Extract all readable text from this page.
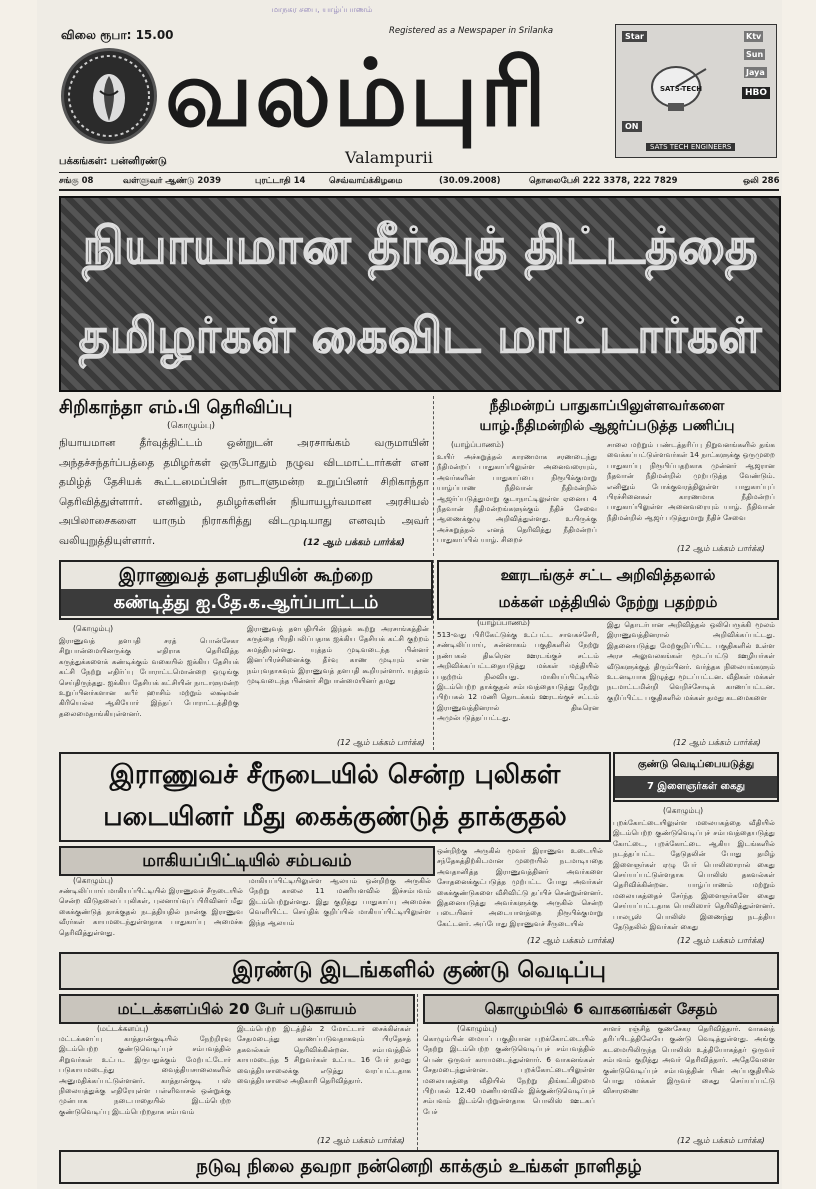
மாநகர சபை, யாழ்ப்பாணம்
விலை ரூபா: 15.00	Registered as a Newspaper in Srilanka
வலம்புரி
Valampurii
பக்கங்கள்: பன்னிரண்டு
Ktv
Sun
Jaya
HBO
ON
Star
SATS-TECH
SATS TECH ENGINEERS
சங்கு 08	வள்ளுவர் ஆண்டு 2039	புரட்டாதி 14	செவ்வாய்க்கிழமை	(30.09.2008)	தொலைபேசி 222 3378, 222 7829	ஒலி 286
நியாயமான தீர்வுத் திட்டத்தை
தமிழர்கள் கைவிட மாட்டார்கள்
சிறிகாந்தா எம்.பி தெரிவிப்பு
(கொழும்பு)
நியாயமான தீர்வுத்திட்டம் ஒன்றுடன் அரசாங்கம் வருமாயின் அந்தச்சந்தர்ப்பத்தை தமிழர்கள் ஒருபோதும் நழுவ விடமாட்டார்கள் என தமிழ்த் தேசியக் கூட்டமைப்பின் நாடாளுமன்ற உறுப்பினர் சிறிகாந்தா தெரிவித்துள்ளார். எனினும், தமிழர்களின் நியாயபூர்வமான அரசியல் அபிலாசைகளை யாரும் நிராகரித்து விடமுடியாது எனவும் அவர் வலியுறுத்தியுள்ளார்.	(12 ஆம் பக்கம் பார்க்க)
நீதிமன்றப் பாதுகாப்பிலுள்ளவர்களை
யாழ்.நீதிமன்றில் ஆஜர்ப்படுத்த பணிப்பு
(யாழ்ப்பாணம்)
உயிர் அச்சுறுத்தல் காரணமாக சரணடைந்து நீதிமன்றப் பாதுகாப்பிலுள்ள அனைவரையும், அவர்களின் பாதுகாப்பை நிரூபிக்குமாறு யாழ்ப்பாண நீதிவான் நீதிமன்றில் ஆஜர்ப்படுத்துமாறு குடாநாட்டிலுள்ள ஏனைய 4 நீதவான் நீதிமன்றங்களுக்கும் நீதிச் சேவை ஆணைக்குழு அறிவித்துள்ளது. உயிருக்கு அச்சுறுத்தல் எனத் தெரிவித்து நீதிமன்றப் பாதுகாப்பில் யாழ். சிறைச்
சாலை மற்றும் பண்டத்தரிப்பு நிறுவனங்களில் தங்க வைக்கப்பட்டுள்ளவர்கள் 14 நாட்களுக்கு ஒருமுறை பாதுகாப்பு நிரூபிப்பதற்காக முன்னர் ஆஜரான நீதவான் நீதிமன்றில் முற்படுத்த வேண்டும். எனினும் போக்குவரத்திலுள்ள பாதுகாப்புப் பிரச்சினைகள் காரணமாக நீதிமன்றப் பாதுகாப்பிலுள்ள அனைவரையும் யாழ். நீதிவான் நீதிமன்றில் ஆஜர் படுத்துமாறு நீதிச் சேவை
(12 ஆம் பக்கம் பார்க்க)
இராணுவத் தளபதியின் கூற்றை
கண்டித்து ஐ.தே.க.ஆர்ப்பாட்டம்
(கொழும்பு)
இராணுவத் தளபதி சரத் பொன்சேகா சிறுபான்மையினருக்கு எதிராக தெரிவித்த கருத்துக்களைக் கண்டிக்கும் வகையில் ஐக்கிய தேசியக் கட்சி நேற்று எதிர்ப்பு போராட்டமொன்றை ஒழுங்கு செய்திருந்தது. ஐக்கிய தேசியக் கட்சியின் நாடாளுமன்ற உறுப்பினர்களான கபீர் ஹாசிம் மற்றும் லக்ஷ்மன் கிரியெல்ல ஆகியோர் இந்தப் போராட்டத்திற்கு தலைமைதாங்கியுள்ளனர்.
இராணுவத் தளபதியின் இந்தக் கூற்று அரசாங்கத்தின் கருத்தை பிரதிபலிப்பதாக ஐக்கிய தேசியக் கட்சி குற்றம் சுமத்தியுள்ளது. யுத்தம் முடிவடைந்த பின்னர் இனப்பிரச்சினைக்கு தீர்வு காண முடியும் என நம்புவதாகவும் இராணுவத் தளபதி கூறியுள்ளார். யுத்தம் முடிவடைந்த பின்னர் சிறுபான்மையினர் தமது
(12 ஆம் பக்கம் பார்க்க)
ஊரடங்குச் சட்ட அறிவித்தலால்
மக்கள் மத்தியில் நேற்று பதற்றம்
(யாழ்ப்பாணம்)
513-வது பிரிகேட்டுக்கு உட்பட்ட சாவகச்சேரி, சண்டிலிப்பாய், சுன்னாகம் பகுதிகளில் நேற்று நண்பகல் திடீரென ஊரடங்குச் சட்டம் அறிவிக்கப்பட்டதையடுத்து மக்கள் மத்தியில் பதற்றம் நிலவியது. மாகியப்பிட்டியில் இடம்பெற்ற தாக்குதல் சம்பவத்தையடுத்து நேற்று பிற்பகல் 12 மணி தொடக்கம் ஊரடங்குச் சட்டம் இராணுவத்தினரால் திடீரென அமுல்படுத்தப்பட்டது.
இது தொடர்பான அறிவித்தல் ஒலிபெருக்கி மூலம் இராணுவத்தினரால் அறிவிக்கப்பட்டது. இதனையடுத்து மேற்குறிப்பிட்ட பகுதிகளில் உள்ள அரச அலுவலகங்கள் மூடப்பட்டு ஊழியர்கள் வீடுகளுக்குத் திரும்பினர். வர்த்தக நிலையங்களும் உடனடியாக இழுத்து மூடப்பட்டன. வீதிகள் மக்கள் நடமாட்டமின்றி வெறிச்சோடிக் காணப்பட்டன. குறிப்பிட்ட பகுதிகளில் மக்கள் தமது கடமைகளை
(12 ஆம் பக்கம் பார்க்க)
இராணுவச் சீருடையில் சென்ற புலிகள்
படையினர் மீது கைக்குண்டுத் தாக்குதல்
மாகியப்பிட்டியில் சம்பவம்
(கொழும்பு)
சண்டிலிப்பாய் மாகியப்பிட்டியில் இராணுவச் சீருடையில் சென்ற விடுதலைப் புலிகள், புலனாய்வுப் பிரிவினர் மீது கைக்குண்டுத் தாக்குதல் நடத்தியதில் நான்கு இராணுவ வீரர்கள் காயமடைந்துள்ளதாக பாதுகாப்பு அமைச்சு தெரிவித்துள்ளது.
மாகியப்பிட்டியிலுள்ள ஆலயம் ஒன்றிற்கு அருகில் நேற்று காலை 11 மணியளவில் இச்சம்பவம் இடம்பெற்றுள்ளது. இது குறித்து பாதுகாப்பு அமைச்சு வெளியிட்ட செய்திக் குறிப்பில் மாகியப்பிட்டியிலுள்ள இந்த ஆலயம்
ஒன்றிற்கு அருகில் மூவர் இராணுவ உடையில் சந்தேகத்திற்கிடமான முறையில் நடமாடியதை அவதானித்த இராணுவத்தினர் அவர்களை சோதனைக்குட்படுத்த முற்பட்ட போது அவர்கள் கைக்குண்டுகளை வீசிவிட்டு தப்பிச் சென்றுள்ளனர். இதனையடுத்து அவர்களுக்கு அருகில் சென்ற படையினர் அடையாளத்தை நிரூபிக்குமாறு கேட்டனர். அப்போது இராணுவச் சீருடையில்
(12 ஆம் பக்கம் பார்க்க)
குண்டு வெடிப்பையடுத்து
7 இளைஞர்கள் கைது
(கொழும்பு)
புறக்கோட்டையிலுள்ள மலையகத்தை வீதியில் இடம்பெற்ற குண்டுவெடிப்புச் சம்பவத்தையடுத்து கோட்டை, புறக்கோட்டை ஆகிய இடங்களில் நடத்தப்பட்ட தேடுதலின் போது தமிழ் இளைஞர்கள் ஏழு பேர் பொலிஸாரால் கைது செய்யப்பட்டுள்ளதாக பொலிஸ் தகவல்கள் தெரிவிக்கின்றன. யாழ்ப்பாணம் மற்றும் மலையகத்தைச் சேர்ந்த இளைஞர்களே கைது செய்யப்பட்டதாக பொலிஸார் தெரிவித்துள்ளனர். பாலபூஸ் பொலிஸ் இணைந்து நடத்திய தேடுதலில் இவர்கள் கைது
(12 ஆம் பக்கம் பார்க்க)
இரண்டு இடங்களில் குண்டு வெடிப்பு
மட்டக்களப்பில் 20 பேர் படுகாயம்	கொழும்பில் 6 வாகனங்கள் சேதம்
(மட்டக்களப்பு)
மட்டக்களப்பு காத்தான்குடியில் நேற்றிரவு இடம்பெற்ற குண்டுவெடிப்புச் சம்பவத்தில் சிறுவர்கள் உட்பட இருபதுக்கும் மேற்பட்டோர் படுகாயமடைந்து வைத்தியசாலைகளில் அனுமதிக்கப்பட்டுள்ளனர். காத்தான்குடி பஸ் நிலையத்துக்கு எதிரேயுள்ள பள்ளிவாசல் ஒன்றுக்கு முன்பாக நடைபாதையில் இடம்பெற்ற குண்டுவெடிப்பு இடம்பெற்றதாக சம்பவம்
இடம்பெற்ற இடத்தில் 2 மோட்டார் சைக்கிள்கள் சேதமடைந்து காணப்படுவதாகவும் பிரதேசத் தகவல்கள் தெரிவிக்கின்றன. சம்பவத்தில் காயமடைந்த 5 சிறுவர்கள் உட்பட 16 பேர் தமது வைத்தியசாலைக்கு எடுத்து வரப்பட்டதாக வைத்தியசாலை அதிகாரி தெரிவித்தார்.
(12 ஆம் பக்கம் பார்க்க)
(கொழும்பு)
கொழும்பின் மையப் பகுதியான புறக்கோட்டையில் நேற்று இடம்பெற்ற குண்டுவெடிப்புச் சம்பவத்தில் பெண் ஒருவர் காயமடைந்துள்ளார். 6 வாகனங்கள் சேதமடைந்துள்ளன. புறக்கோட்டையிலுள்ள மலையகத்தை வீதியில் நேற்று திங்கட்கிழமை பிற்பகல் 12.40 மணியளவில் இக்குண்டுவெடிப்புச் சம்பவம் இடம்பெற்றுள்ளதாக பொலிஸ் ஊடகப் பேச்
சாளர் ரஞ்சித் குணசேகர தெரிவித்தார். வாகனத் தரிப்பிடத்திலேயே குண்டு வெடித்துள்ளது. அங்கு கடமையிலிருந்த பொலிஸ் உத்தியோகத்தர் ஒருவர் சம்பவம் குறித்து அவர் தெரிவித்தார். அதேவேளை குண்டுவெடிப்புச் சம்பவத்தின் பின் அப்பகுதியில் பொது மக்கள் இருவர் கைது செய்யப்பட்டு விசாரணை
(12 ஆம் பக்கம் பார்க்க)
நடுவு நிலை தவறா நன்னெறி காக்கும் உங்கள் நாளிதழ்
